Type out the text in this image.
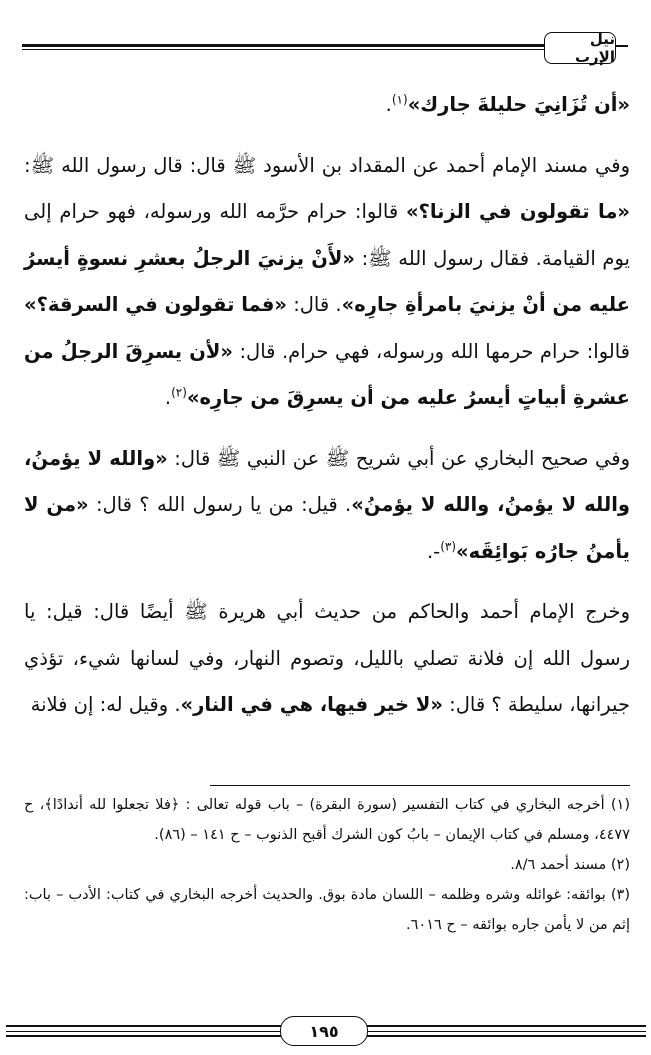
نيل الإرب

«أن تُزَانِيَ حليلةَ جارك»$^{(١)}$.

وفي مسند الإمام أحمد عن المقداد بن الأسود ﷺ قال: قال رسول الله ﷺ: «ما تقولون في الزنا؟» قالوا: حرام حرَّمه الله ورسوله، فهو حرام إلى يوم القيامة. فقال رسول الله ﷺ: «لأَنْ يزنيَ الرجلُ بعشرِ نسوةٍ أيسرُ عليه من أنْ يزنيَ بامرأةِ جارِه». قال: «فما تقولون في السرقة؟» قالوا: حرام حرمها الله ورسوله، فهي حرام. قال: «لأن يسرِقَ الرجلُ من عشرةِ أبياتٍ أيسرُ عليه من أن يسرِقَ من جارِه»$^{(٢)}$.

وفي صحيح البخاري عن أبي شريح ﷺ عن النبي ﷺ قال: «والله لا يؤمنُ، والله لا يؤمنُ، والله لا يؤمنُ». قيل: من يا رسول الله ؟ قال: «من لا يأمنُ جارُه بَوائِقَه»$^{(٣)}$-.

وخرج الإمام أحمد والحاكم من حديث أبي هريرة ﷺ أيضًا قال: قيل: يا رسول الله إن فلانة تصلي بالليل، وتصوم النهار، وفي لسانها شيء، تؤذي جيرانها، سليطة ؟ قال: «لا خير فيها، هي في النار». وقيل له: إن فلانة

(١) أخرجه البخاري في كتاب التفسير (سورة البقرة) – باب قوله تعالى : ﴿فلا تجعلوا لله أندادًا﴾، ح ٤٤٧٧، ومسلم في كتاب الإيمان – بابُ كون الشرك أقبح الذنوب – ح ١٤١ – (٨٦).

(٢) مسند أحمد ٨/٦.

(٣) بوائقه: غوائله وشره وظلمه – اللسان مادة بوق. والحديث أخرجه البخاري في كتاب: الأدب – باب: إثم من لا يأمن جاره بوائقه – ح ٦٠١٦.

١٩٥
